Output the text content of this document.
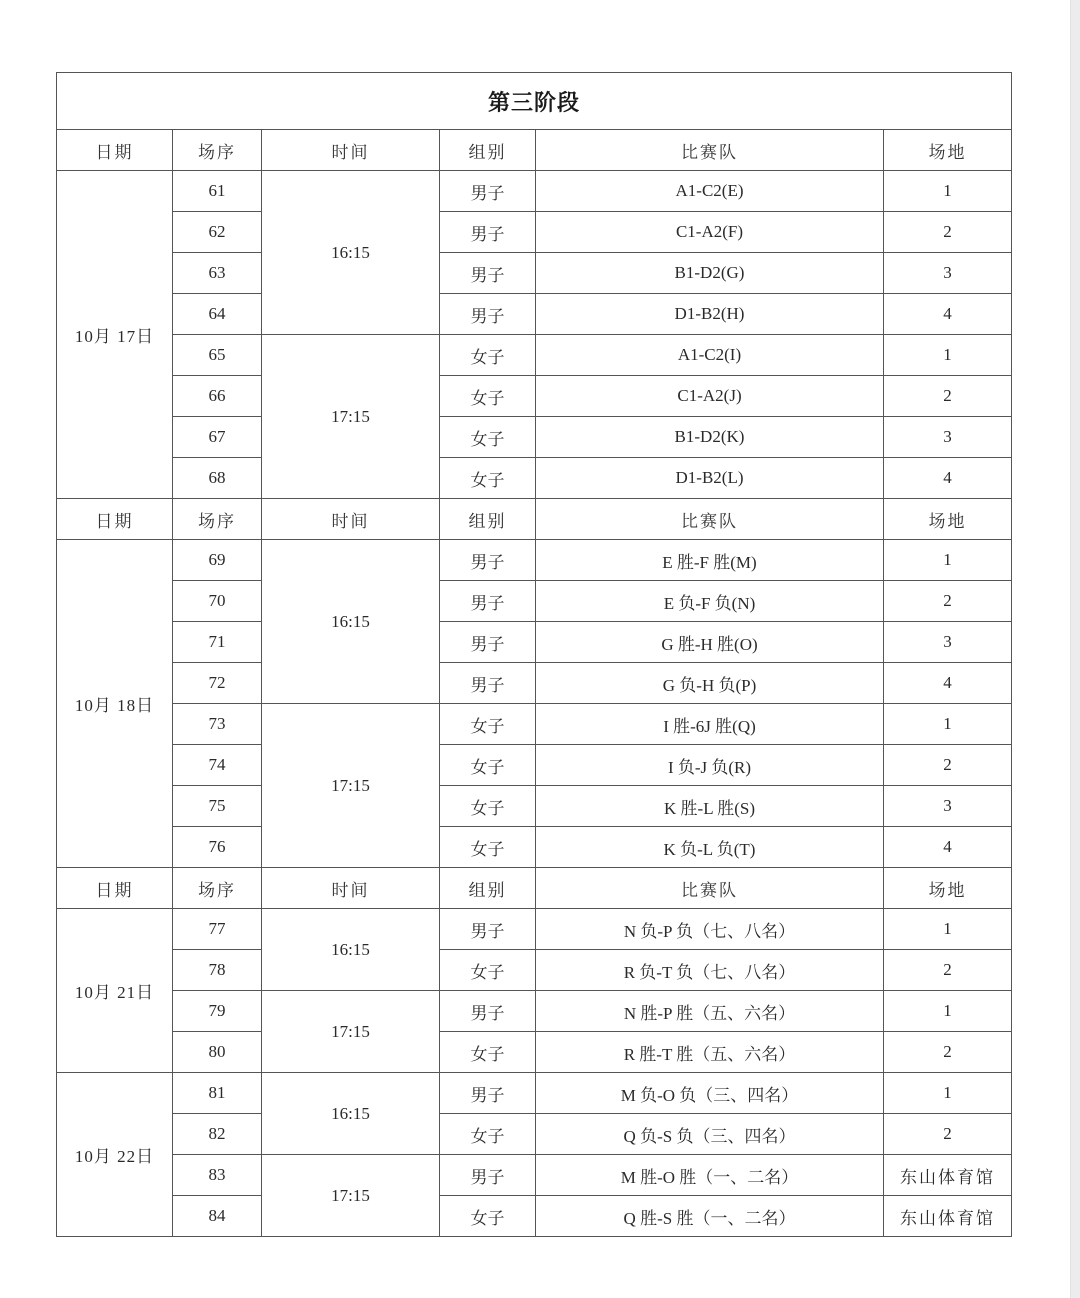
第三阶段					
日期	场序	时间	组别	比赛队	场地
10月 17日	61	16:15	男子	A1-C2(E)	1
	62		男子	C1-A2(F)	2
	63		男子	B1-D2(G)	3
	64		男子	D1-B2(H)	4
	65	17:15	女子	A1-C2(I)	1
	66		女子	C1-A2(J)	2
	67		女子	B1-D2(K)	3
	68		女子	D1-B2(L)	4
日期	场序	时间	组别	比赛队	场地
10月 18日	69	16:15	男子	E 胜-F 胜(M)	1
	70		男子	E 负-F 负(N)	2
	71		男子	G 胜-H 胜(O)	3
	72		男子	G 负-H 负(P)	4
	73	17:15	女子	I 胜-6J 胜(Q)	1
	74		女子	I 负-J 负(R)	2
	75		女子	K 胜-L 胜(S)	3
	76		女子	K 负-L 负(T)	4
日期	场序	时间	组别	比赛队	场地
10月 21日	77	16:15	男子	N 负-P 负（七、八名）	1
	78		女子	R 负-T 负（七、八名）	2
	79	17:15	男子	N 胜-P 胜（五、六名）	1
	80		女子	R 胜-T 胜（五、六名）	2
10月 22日	81	16:15	男子	M 负-O 负（三、四名）	1
	82		女子	Q 负-S 负（三、四名）	2
	83	17:15	男子	M 胜-O 胜（一、二名）	东山体育馆
	84		女子	Q 胜-S 胜（一、二名）	东山体育馆
